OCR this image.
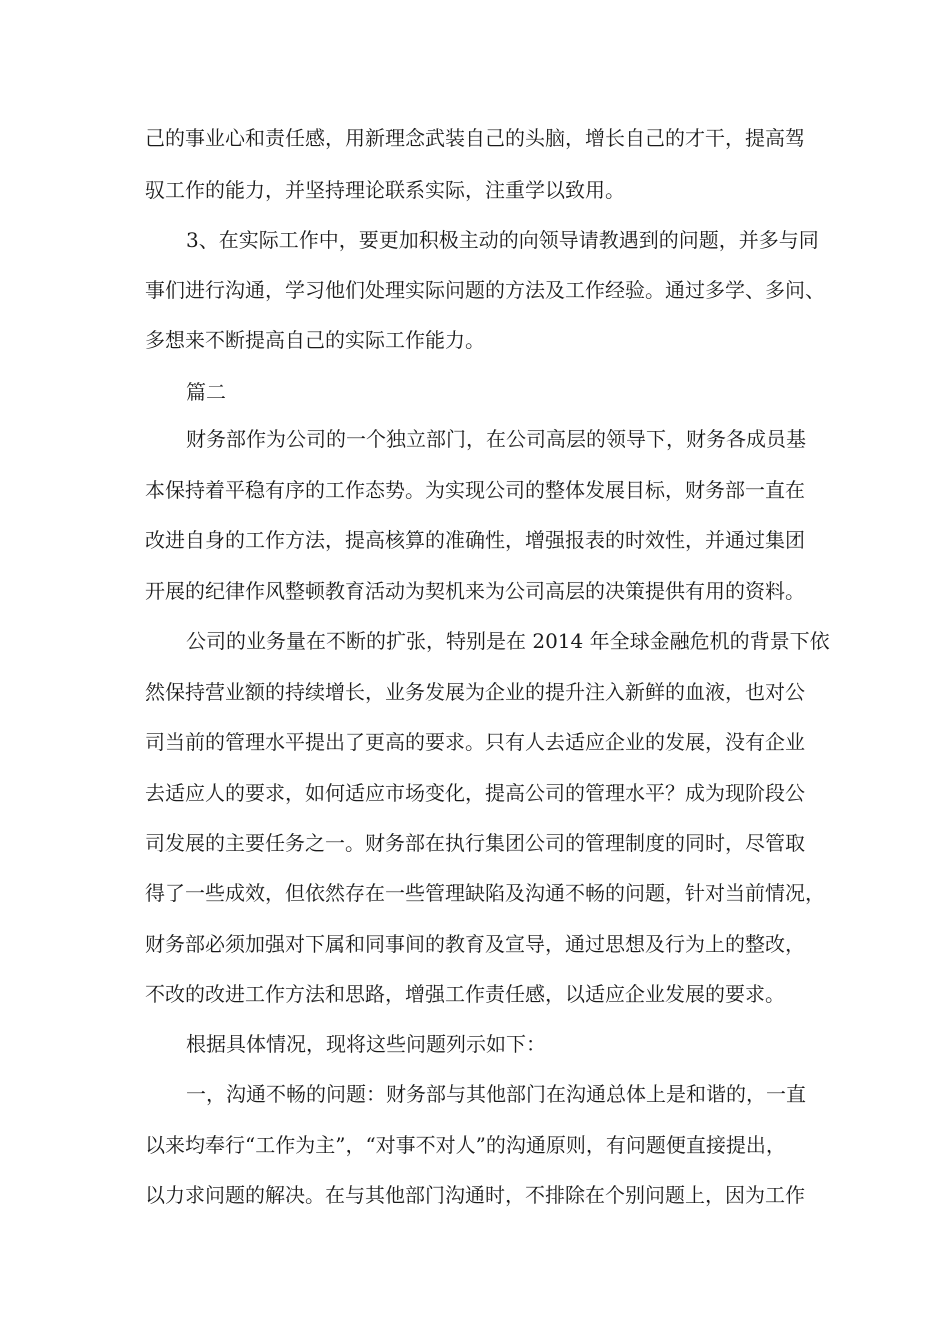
己的事业心和责任感，用新理念武装自己的头脑，增长自己的才干，提高驾

驭工作的能力，并坚持理论联系实际，注重学以致用。

3、在实际工作中，要更加积极主动的向领导请教遇到的问题，并多与同

事们进行沟通，学习他们处理实际问题的方法及工作经验。通过多学、多问、

多想来不断提高自己的实际工作能力。

篇二

财务部作为公司的一个独立部门，在公司高层的领导下，财务各成员基

本保持着平稳有序的工作态势。为实现公司的整体发展目标，财务部一直在

改进自身的工作方法，提高核算的准确性，增强报表的时效性，并通过集团

开展的纪律作风整顿教育活动为契机来为公司高层的决策提供有用的资料。

公司的业务量在不断的扩张，特别是在 2014 年全球金融危机的背景下依

然保持营业额的持续增长，业务发展为企业的提升注入新鲜的血液，也对公

司当前的管理水平提出了更高的要求。只有人去适应企业的发展，没有企业

去适应人的要求，如何适应市场变化，提高公司的管理水平？成为现阶段公

司发展的主要任务之一。财务部在执行集团公司的管理制度的同时，尽管取

得了一些成效，但依然存在一些管理缺陷及沟通不畅的问题，针对当前情况，

财务部必须加强对下属和同事间的教育及宣导，通过思想及行为上的整改，

不改的改进工作方法和思路，增强工作责任感，以适应企业发展的要求。

根据具体情况，现将这些问题列示如下：

一，沟通不畅的问题：财务部与其他部门在沟通总体上是和谐的，一直

以来均奉行“工作为主”，“对事不对人”的沟通原则，有问题便直接提出，

以力求问题的解决。在与其他部门沟通时，不排除在个别问题上，因为工作
